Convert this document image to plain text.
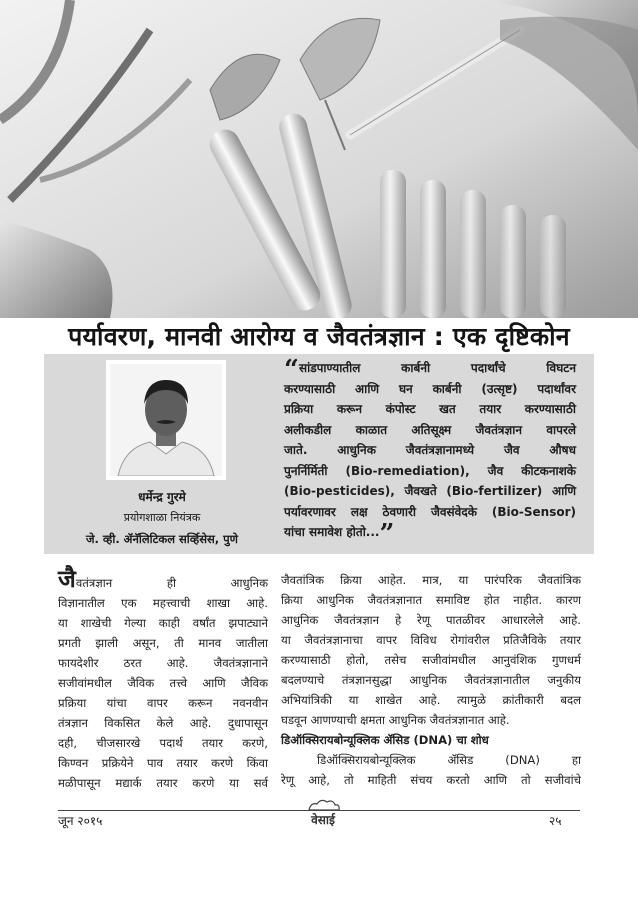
पर्यावरण, मानवी आरोग्य व जैवतंत्रज्ञान : एक दृष्टिकोन
धर्मेन्द्र गुरमे
प्रयोगशाळा नियंत्रक
जे. व्ही. ॲनॅलिटिकल सर्व्हिसेस, पुणे
“सांडपाण्यातील कार्बनी पदार्थांचे विघटन
करण्यासाठी आणि घन कार्बनी (उत्सृष्ट) पदार्थांवर
प्रक्रिया करून कंपोस्ट खत तयार करण्यासाठी
अलीकडील काळात अतिसूक्ष्म जैवतंत्रज्ञान वापरले
जाते. आधुनिक जैवतंत्रज्ञानामध्ये जैव औषध
पुनर्निर्मिती (Bio-remediation), जैव कीटकनाशके
(Bio-pesticides), जैवखते (Bio-fertilizer) आणि
पर्यावरणावर लक्ष ठेवणारी जैवसंवेदके (Bio-Sensor)
यांचा समावेश होतो...”
जैवतंत्रज्ञान ही आधुनिक
विज्ञानातील एक महत्त्वाची शाखा आहे.
या शाखेची गेल्या काही वर्षांत झपाट्याने
प्रगती झाली असून, ती मानव जातीला
फायदेशीर ठरत आहे. जैवतंत्रज्ञानाने
सजीवांमधील जैविक तत्त्वे आणि जैविक
प्रक्रिया यांचा वापर करून नवनवीन
तंत्रज्ञान विकसित केले आहे. दुधापासून
दही, चीजसारखे पदार्थ तयार करणे,
किण्वन प्रक्रियेने पाव तयार करणे किंवा
मळीपासून मद्यार्क तयार करणे या सर्व
जैवतांत्रिक क्रिया आहेत. मात्र, या पारंपरिक जैवतांत्रिक
क्रिया आधुनिक जैवतंत्रज्ञानात समाविष्ट होत नाहीत. कारण
आधुनिक जैवतंत्रज्ञान हे रेणू पातळीवर आधारलेले आहे.
या जैवतंत्रज्ञानाचा वापर विविध रोगांवरील प्रतिजैविके तयार
करण्यासाठी होतो, तसेच सजीवांमधील आनुवंशिक गुणधर्म
बदलण्याचे तंत्रज्ञानसुद्धा आधुनिक जैवतंत्रज्ञानातील जनुकीय
अभियांत्रिकी या शाखेत आहे. त्यामुळे क्रांतीकारी बदल
घडवून आणण्याची क्षमता आधुनिक जैवतंत्रज्ञानात आहे.
डिऑक्सिरायबोन्यूक्लिक ॲसिड (DNA) चा शोध
डिऑक्सिरायबोन्यूक्लिक ॲसिड (DNA) हा
रेणू आहे, तो माहिती संचय करतो आणि तो सजीवांचे
जून २०१५	वेसाई	२५
